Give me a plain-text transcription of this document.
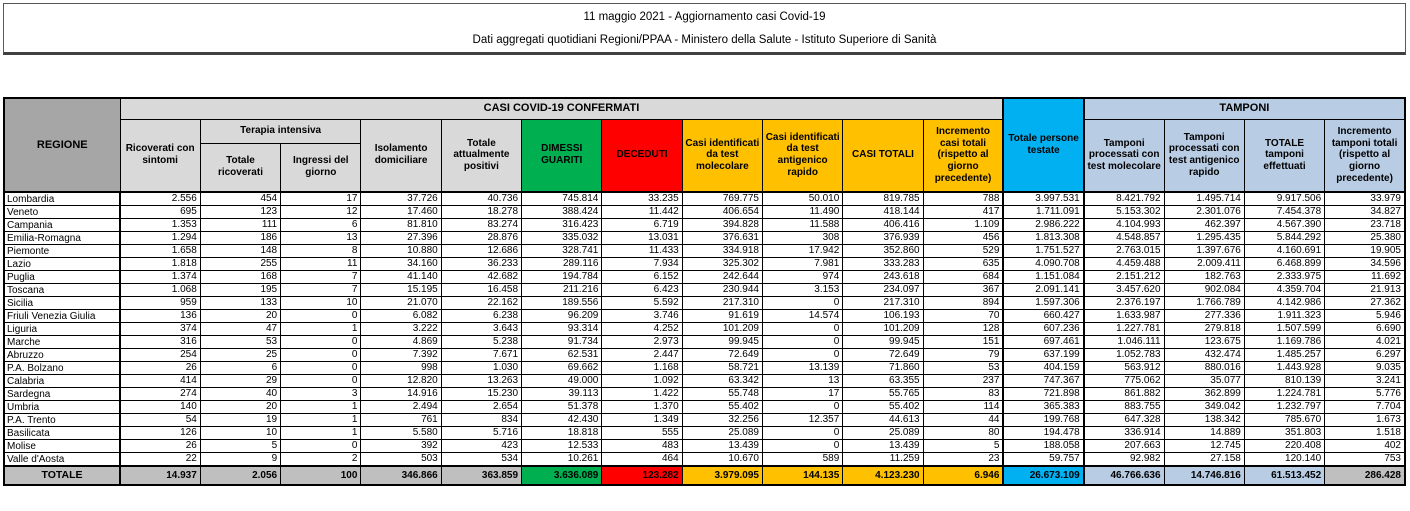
11 maggio 2021 - Aggiornamento casi Covid-19
Dati aggregati quotidiani Regioni/PPAA - Ministero della Salute - Istituto Superiore di Sanità
REGIONE	CASI COVID-19 CONFERMATI											Totale persone testate	TAMPONI			
	Ricoverati con sintomi	Terapia intensiva		Isolamento domiciliare	Totale attualmente positivi	DIMESSI GUARITI	DECEDUTI	Casi identificati da test molecolare	Casi identificati da test antigenico rapido	CASI TOTALI	Incremento casi totali (rispetto al giorno precedente)		Tamponi processati con test molecolare	Tamponi processati con test antigenico rapido	TOTALE tamponi effettuati	Incremento tamponi totali (rispetto al giorno precedente)
		Totale ricoverati	Ingressi del giorno													
Lombardia	2.556	454	17	37.726	40.736	745.814	33.235	769.775	50.010	819.785	788	3.997.531	8.421.792	1.495.714	9.917.506	33.979
Veneto	695	123	12	17.460	18.278	388.424	11.442	406.654	11.490	418.144	417	1.711.091	5.153.302	2.301.076	7.454.378	34.827
Campania	1.353	111	6	81.810	83.274	316.423	6.719	394.828	11.588	406.416	1.109	2.986.222	4.104.993	462.397	4.567.390	23.718
Emilia-Romagna	1.294	186	13	27.396	28.876	335.032	13.031	376.631	308	376.939	456	1.813.308	4.548.857	1.295.435	5.844.292	25.380
Piemonte	1.658	148	8	10.880	12.686	328.741	11.433	334.918	17.942	352.860	529	1.751.527	2.763.015	1.397.676	4.160.691	19.905
Lazio	1.818	255	11	34.160	36.233	289.116	7.934	325.302	7.981	333.283	635	4.090.708	4.459.488	2.009.411	6.468.899	34.596
Puglia	1.374	168	7	41.140	42.682	194.784	6.152	242.644	974	243.618	684	1.151.084	2.151.212	182.763	2.333.975	11.692
Toscana	1.068	195	7	15.195	16.458	211.216	6.423	230.944	3.153	234.097	367	2.091.141	3.457.620	902.084	4.359.704	21.913
Sicilia	959	133	10	21.070	22.162	189.556	5.592	217.310	0	217.310	894	1.597.306	2.376.197	1.766.789	4.142.986	27.362
Friuli Venezia Giulia	136	20	0	6.082	6.238	96.209	3.746	91.619	14.574	106.193	70	660.427	1.633.987	277.336	1.911.323	5.946
Liguria	374	47	1	3.222	3.643	93.314	4.252	101.209	0	101.209	128	607.236	1.227.781	279.818	1.507.599	6.690
Marche	316	53	0	4.869	5.238	91.734	2.973	99.945	0	99.945	151	697.461	1.046.111	123.675	1.169.786	4.021
Abruzzo	254	25	0	7.392	7.671	62.531	2.447	72.649	0	72.649	79	637.199	1.052.783	432.474	1.485.257	6.297
P.A. Bolzano	26	6	0	998	1.030	69.662	1.168	58.721	13.139	71.860	53	404.159	563.912	880.016	1.443.928	9.035
Calabria	414	29	0	12.820	13.263	49.000	1.092	63.342	13	63.355	237	747.367	775.062	35.077	810.139	3.241
Sardegna	274	40	3	14.916	15.230	39.113	1.422	55.748	17	55.765	83	721.898	861.882	362.899	1.224.781	5.776
Umbria	140	20	1	2.494	2.654	51.378	1.370	55.402	0	55.402	114	365.383	883.755	349.042	1.232.797	7.704
P.A. Trento	54	19	1	761	834	42.430	1.349	32.256	12.357	44.613	44	199.768	647.328	138.342	785.670	1.673
Basilicata	126	10	1	5.580	5.716	18.818	555	25.089	0	25.089	80	194.478	336.914	14.889	351.803	1.518
Molise	26	5	0	392	423	12.533	483	13.439	0	13.439	5	188.058	207.663	12.745	220.408	402
Valle d'Aosta	22	9	2	503	534	10.261	464	10.670	589	11.259	23	59.757	92.982	27.158	120.140	753
TOTALE	14.937	2.056	100	346.866	363.859	3.636.089	123.282	3.979.095	144.135	4.123.230	6.946	26.673.109	46.766.636	14.746.816	61.513.452	286.428
